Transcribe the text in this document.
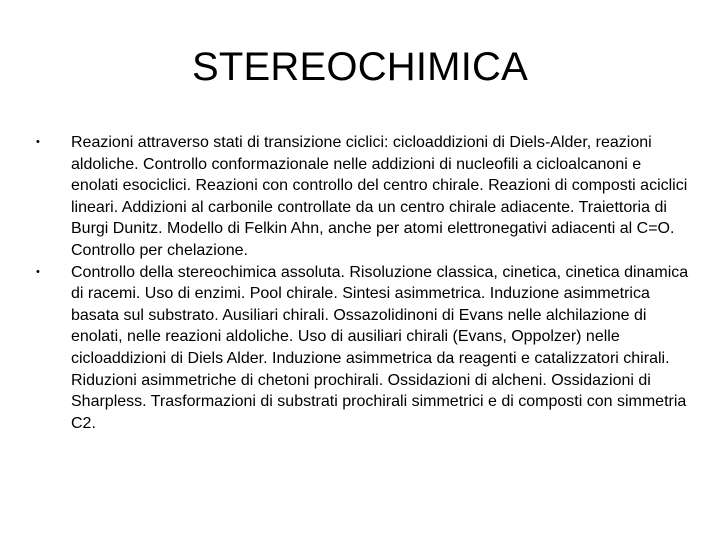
STEREOCHIMICA
•	Reazioni attraverso stati di transizione ciclici: cicloaddizioni di Diels-Alder, reazioni aldoliche. Controllo conformazionale nelle addizioni di nucleofili a cicloalcanoni e enolati esociclici. Reazioni con controllo del centro chirale. Reazioni di composti aciclici lineari. Addizioni al carbonile controllate da un centro chirale adiacente. Traiettoria di Burgi Dunitz. Modello di Felkin Ahn, anche per atomi elettronegativi adiacenti al C=O. Controllo per chelazione.
•	Controllo della stereochimica assoluta. Risoluzione classica, cinetica, cinetica dinamica di racemi. Uso di enzimi. Pool chirale. Sintesi asimmetrica. Induzione asimmetrica basata sul substrato. Ausiliari chirali. Ossazolidinoni di Evans nelle alchilazione di enolati, nelle reazioni aldoliche. Uso di ausiliari chirali (Evans, Oppolzer) nelle cicloaddizioni di Diels Alder. Induzione asimmetrica da reagenti e catalizzatori chirali. Riduzioni asimmetriche di chetoni prochirali. Ossidazioni di alcheni. Ossidazioni di Sharpless. Trasformazioni di substrati prochirali simmetrici e di composti con simmetria C2.
